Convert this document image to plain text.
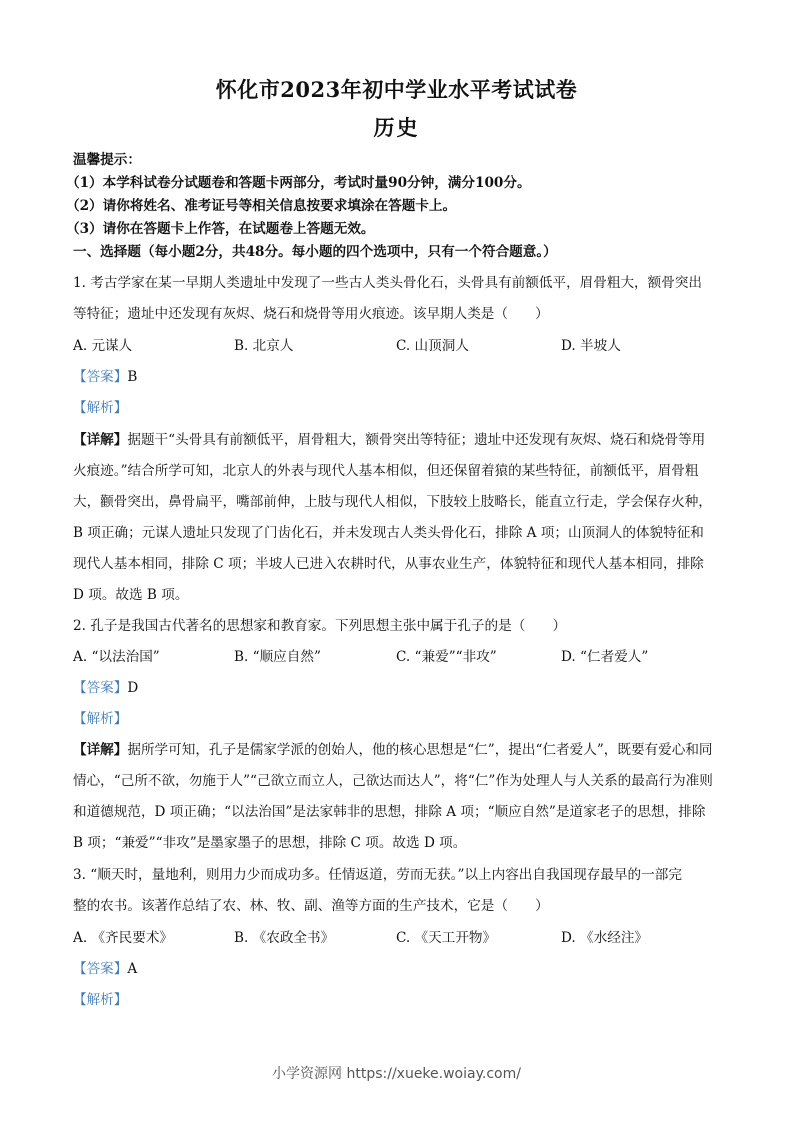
怀化市2023年初中学业水平考试试卷
历史
温馨提示：
（1）本学科试卷分试题卷和答题卡两部分，考试时量90分钟，满分100分。
（2）请你将姓名、准考证号等相关信息按要求填涂在答题卡上。
（3）请你在答题卡上作答，在试题卷上答题无效。
一、选择题（每小题2分，共48分。每小题的四个选项中，只有一个符合题意。）
1. 考古学家在某一早期人类遗址中发现了一些古人类头骨化石，头骨具有前额低平，眉骨粗大，额骨突出
等特征；遗址中还发现有灰烬、烧石和烧骨等用火痕迹。该早期人类是（　　）
A. 元谋人	B. 北京人	C. 山顶洞人	D. 半坡人
【答案】B
【解析】
【详解】据题干“头骨具有前额低平，眉骨粗大，额骨突出等特征；遗址中还发现有灰烬、烧石和烧骨等用
火痕迹。”结合所学可知，北京人的外表与现代人基本相似，但还保留着猿的某些特征，前额低平，眉骨粗
大，颧骨突出，鼻骨扁平，嘴部前伸，上肢与现代人相似，下肢较上肢略长，能直立行走，学会保存火种，
B 项正确；元谋人遗址只发现了门齿化石，并未发现古人类头骨化石，排除 A 项；山顶洞人的体貌特征和
现代人基本相同，排除 C 项；半坡人已进入农耕时代，从事农业生产，体貌特征和现代人基本相同，排除
D 项。故选 B 项。
2. 孔子是我国古代著名的思想家和教育家。下列思想主张中属于孔子的是（　　）
A. “以法治国”	B. “顺应自然”	C. “兼爱”“非攻”	D. “仁者爱人”
【答案】D
【解析】
【详解】据所学可知，孔子是儒家学派的创始人，他的核心思想是“仁”，提出“仁者爱人”，既要有爱心和同
情心，“己所不欲，勿施于人”“己欲立而立人，己欲达而达人”，将“仁”作为处理人与人关系的最高行为准则
和道德规范，D 项正确；“以法治国”是法家韩非的思想，排除 A 项；“顺应自然”是道家老子的思想，排除
B 项；“兼爱”“非攻”是墨家墨子的思想，排除 C 项。故选 D 项。
3. “顺天时，量地利，则用力少而成功多。任情返道，劳而无获。”以上内容出自我国现存最早的一部完
整的农书。该著作总结了农、林、牧、副、渔等方面的生产技术，它是（　　）
A. 《齐民要术》	B. 《农政全书》	C. 《天工开物》	D. 《水经注》
【答案】A
【解析】
小学资源网 https://xueke.woiay.com/
